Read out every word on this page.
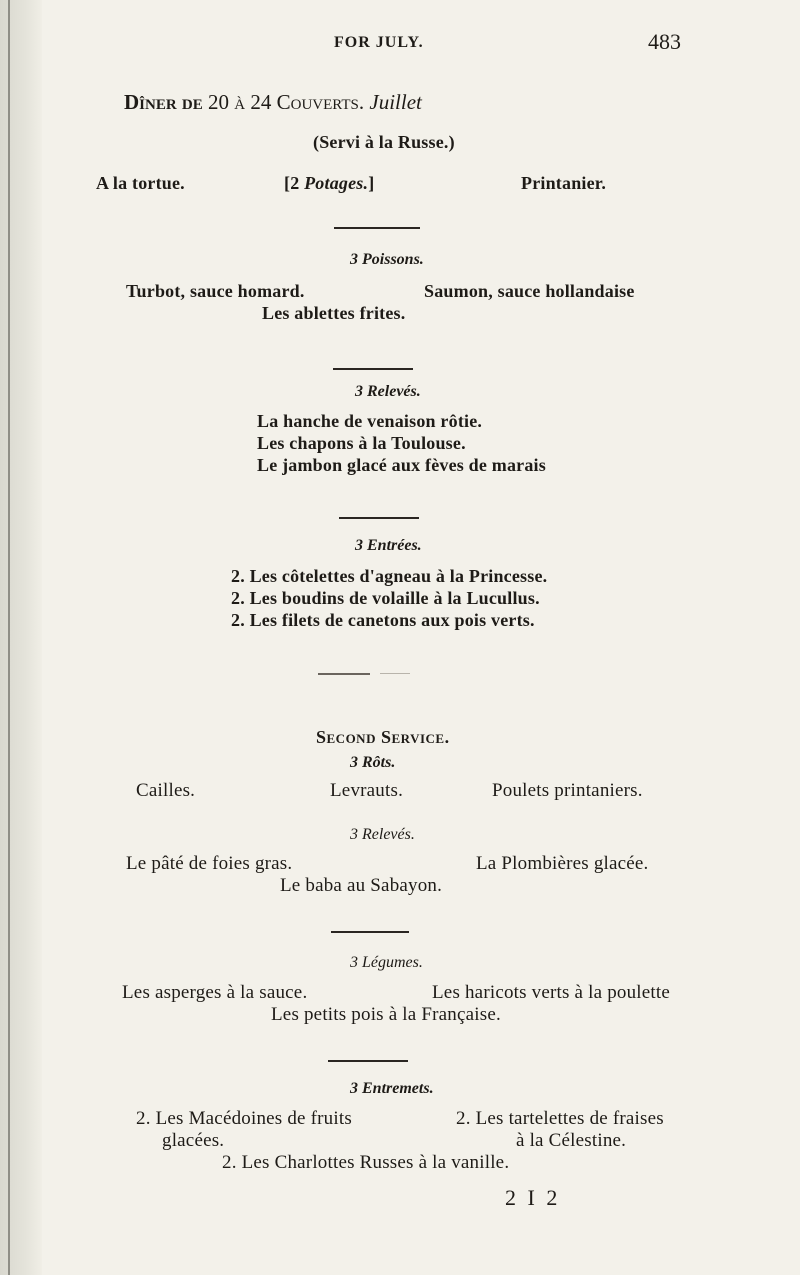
FOR JULY.	483
Dîner de 20 à 24 Couverts. Juillet
(Servi à la Russe.)
A la tortue.	[2 Potages.]	Printanier.

3 Poissons.
Turbot, sauce homard.	Saumon, sauce hollandaise
Les ablettes frites.
3 Relevés.
La hanche de venaison rôtie.
Les chapons à la Toulouse.
Le jambon glacé aux fèves de marais
3 Entrées.
2. Les côtelettes d'agneau à la Princesse.
2. Les boudins de volaille à la Lucullus.
2. Les filets de canetons aux pois verts.
Second Service.
3 Rôts.
Cailles.	Levrauts.	Poulets printaniers.
3 Relevés.
Le pâté de foies gras.	La Plombières glacée.
Le baba au Sabayon.
3 Légumes.
Les asperges à la sauce.	Les haricots verts à la poulette
Les petits pois à la Française.
3 Entremets.
2. Les Macédoines de fruits
glacées.
2. Les tartelettes de fraises
à la Célestine.
2. Les Charlottes Russes à la vanille.
2 I 2
